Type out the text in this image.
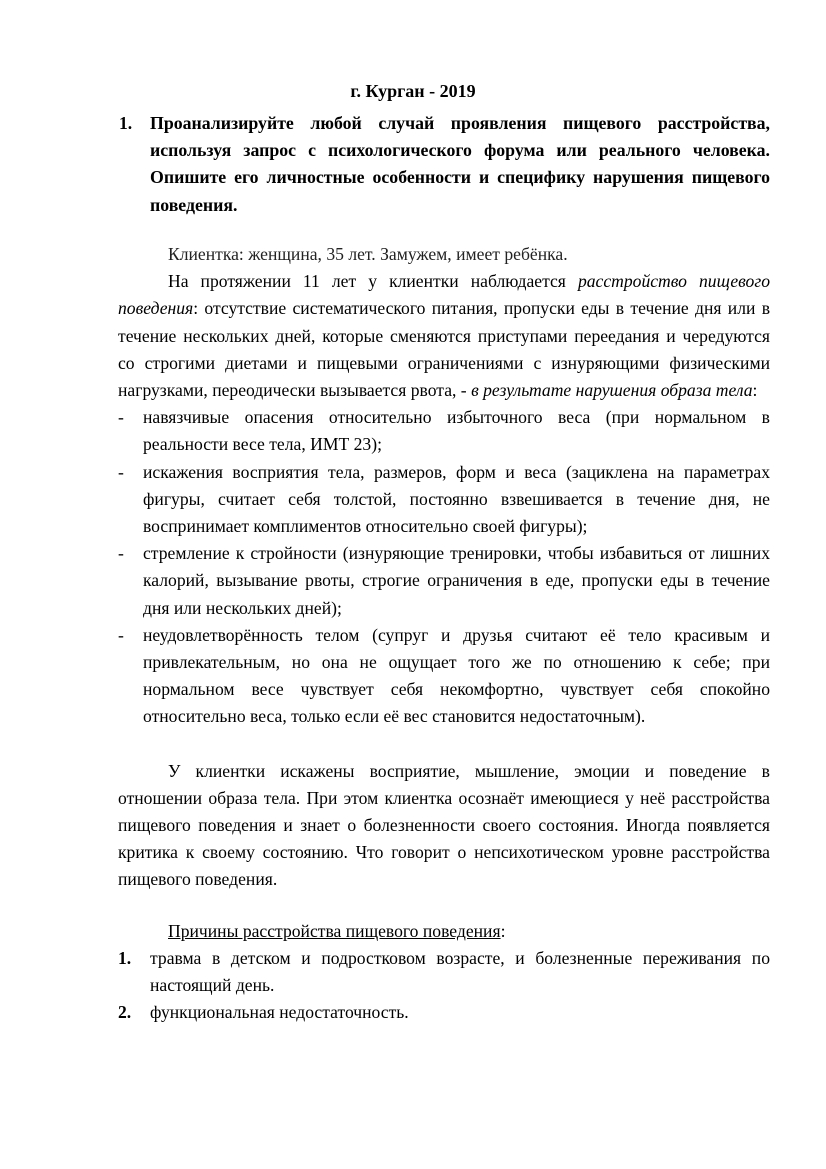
г. Курган - 2019
1. Проанализируйте любой случай проявления пищевого расстройства, используя запрос с психологического форума или реального человека. Опишите его личностные особенности и специфику нарушения пищевого поведения.

Клиентка: женщина, 35 лет. Замужем, имеет ребёнка.

На протяжении 11 лет у клиентки наблюдается расстройство пищевого поведения: отсутствие систематического питания, пропуски еды в течение дня или в течение нескольких дней, которые сменяются приступами переедания и чередуются со строгими диетами и пищевыми ограничениями с изнуряющими физическими нагрузками, переодически вызывается рвота, - в результате нарушения образа тела:

- навязчивые опасения относительно избыточного веса (при нормальном в реальности весе тела, ИМТ 23);
- искажения восприятия тела, размеров, форм и веса (зациклена на параметрах фигуры, считает себя толстой, постоянно взвешивается в течение дня, не воспринимает комплиментов относительно своей фигуры);
- стремление к стройности (изнуряющие тренировки, чтобы избавиться от лишних калорий, вызывание рвоты, строгие ограничения в еде, пропуски еды в течение дня или нескольких дней);
- неудовлетворённость телом (супруг и друзья считают её тело красивым и привлекательным, но она не ощущает того же по отношению к себе; при нормальном весе чувствует себя некомфортно, чувствует себя спокойно относительно веса, только если её вес становится недостаточным).

У клиентки искажены восприятие, мышление, эмоции и поведение в отношении образа тела. При этом клиентка осознаёт имеющиеся у неё расстройства пищевого поведения и знает о болезненности своего состояния. Иногда появляется критика к своему состоянию. Что говорит о непсихотическом уровне расстройства пищевого поведения.

Причины расстройства пищевого поведения:

1. травма в детском и подростковом возрасте, и болезненные переживания по настоящий день.
2. функциональная недостаточность.
